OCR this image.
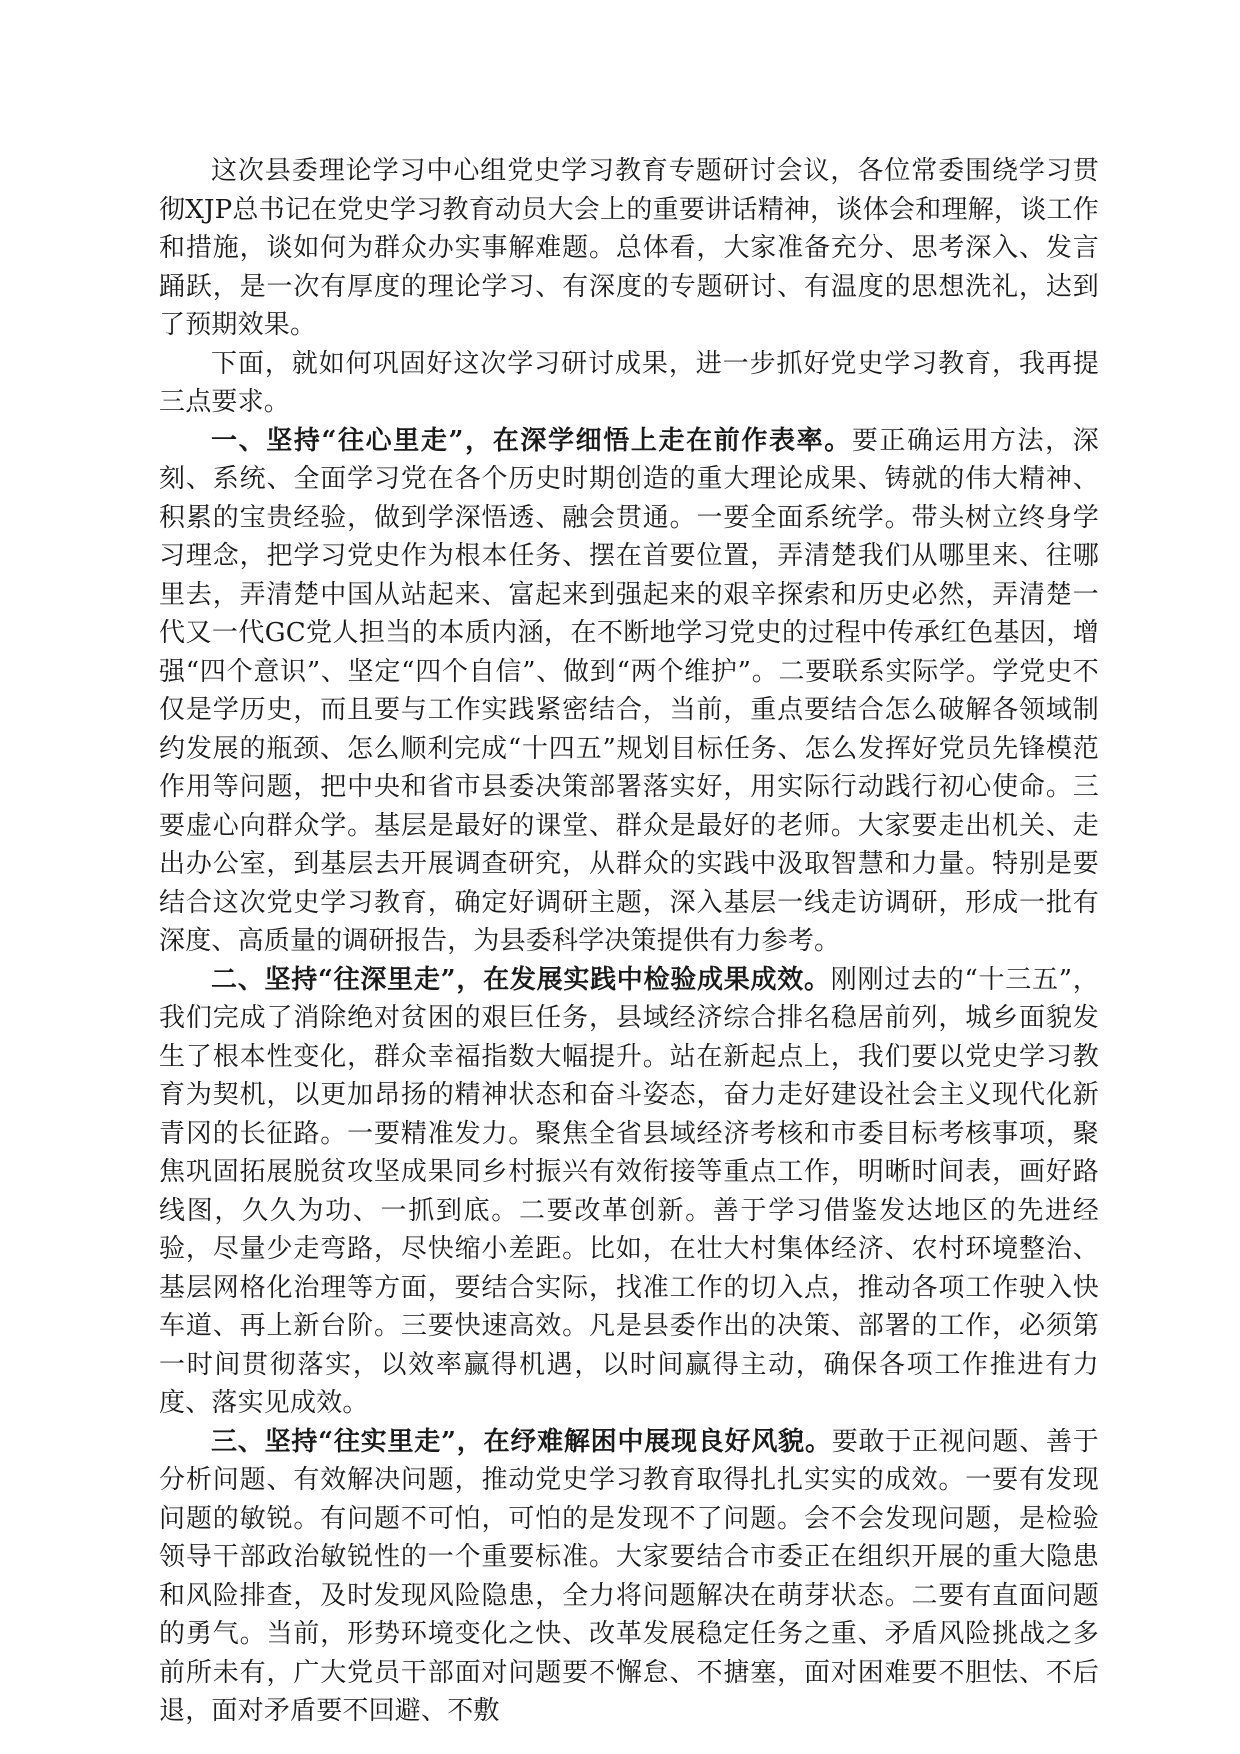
这次县委理论学习中心组党史学习教育专题研讨会议，各位常委围绕学习贯彻XJP总书记在党史学习教育动员大会上的重要讲话精神，谈体会和理解，谈工作和措施，谈如何为群众办实事解难题。总体看，大家准备充分、思考深入、发言踊跃，是一次有厚度的理论学习、有深度的专题研讨、有温度的思想洗礼，达到了预期效果。

下面，就如何巩固好这次学习研讨成果，进一步抓好党史学习教育，我再提三点要求。

一、坚持“往心里走”，在深学细悟上走在前作表率。要正确运用方法，深刻、系统、全面学习党在各个历史时期创造的重大理论成果、铸就的伟大精神、积累的宝贵经验，做到学深悟透、融会贯通。一要全面系统学。带头树立终身学习理念，把学习党史作为根本任务、摆在首要位置，弄清楚我们从哪里来、往哪里去，弄清楚中国从站起来、富起来到强起来的艰辛探索和历史必然，弄清楚一代又一代GC党人担当的本质内涵，在不断地学习党史的过程中传承红色基因，增强“四个意识”、坚定“四个自信”、做到“两个维护”。二要联系实际学。学党史不仅是学历史，而且要与工作实践紧密结合，当前，重点要结合怎么破解各领域制约发展的瓶颈、怎么顺利完成“十四五”规划目标任务、怎么发挥好党员先锋模范作用等问题，把中央和省市县委决策部署落实好，用实际行动践行初心使命。三要虚心向群众学。基层是最好的课堂、群众是最好的老师。大家要走出机关、走出办公室，到基层去开展调查研究，从群众的实践中汲取智慧和力量。特别是要结合这次党史学习教育，确定好调研主题，深入基层一线走访调研，形成一批有深度、高质量的调研报告，为县委科学决策提供有力参考。

二、坚持“往深里走”，在发展实践中检验成果成效。刚刚过去的“十三五”，我们完成了消除绝对贫困的艰巨任务，县域经济综合排名稳居前列，城乡面貌发生了根本性变化，群众幸福指数大幅提升。站在新起点上，我们要以党史学习教育为契机，以更加昂扬的精神状态和奋斗姿态，奋力走好建设社会主义现代化新青冈的长征路。一要精准发力。聚焦全省县域经济考核和市委目标考核事项，聚焦巩固拓展脱贫攻坚成果同乡村振兴有效衔接等重点工作，明晰时间表，画好路线图，久久为功、一抓到底。二要改革创新。善于学习借鉴发达地区的先进经验，尽量少走弯路，尽快缩小差距。比如，在壮大村集体经济、农村环境整治、基层网格化治理等方面，要结合实际，找准工作的切入点，推动各项工作驶入快车道、再上新台阶。三要快速高效。凡是县委作出的决策、部署的工作，必须第一时间贯彻落实，以效率赢得机遇，以时间赢得主动，确保各项工作推进有力度、落实见成效。

三、坚持“往实里走”，在纾难解困中展现良好风貌。要敢于正视问题、善于分析问题、有效解决问题，推动党史学习教育取得扎扎实实的成效。一要有发现问题的敏锐。有问题不可怕，可怕的是发现不了问题。会不会发现问题，是检验领导干部政治敏锐性的一个重要标准。大家要结合市委正在组织开展的重大隐患和风险排查，及时发现风险隐患，全力将问题解决在萌芽状态。二要有直面问题的勇气。当前，形势环境变化之快、改革发展稳定任务之重、矛盾风险挑战之多前所未有，广大党员干部面对问题要不懈怠、不搪塞，面对困难要不胆怯、不后退，面对矛盾要不回避、不敷
